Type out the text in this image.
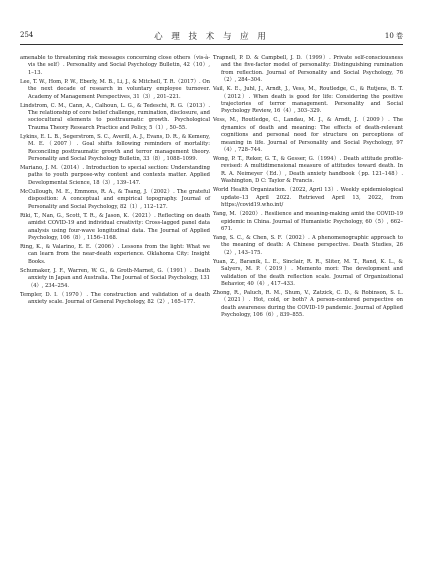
254	心 理 技 术 与 应 用	10 卷

amenable to threatening risk messages concerning close others（vis-à-vis the self）. Personality and Social Psychology Bulletin, 42（10）, 1–13.

Lee, T. W., Hom, P. W., Eberly, M. B., Li, J., & Mitchell, T. R.（2017）. On the next decade of research in voluntary employee turnover. Academy of Management Perspectives, 31（3）, 201–221.

Lindstrom, C. M., Cann, A., Calhoun, L. G., & Tedeschi, R. G.（2013）. The relationship of core belief challenge, rumination, disclosure, and sociocultural elements to posttraumatic growth. Psychological Trauma Theory Research Practice and Policy, 5（1）, 50–55.

Lykins, E. L. B., Segerstrom, S. C., Averill, A. J., Evans, D. R., & Kemeny, M. E.（2007）. Goal shifts following reminders of mortality: Reconciling posttraumatic growth and terror management theory. Personality and Social Psychology Bulletin, 33（8）, 1088–1099.

Mariano, J. M.（2014）. Introduction to special section: Understanding paths to youth purpose-why content and contexts matter. Applied Developmental Science, 18（3）, 139–147.

McCullough, M. E., Emmons, R. A., & Tsang, J.（2002）. The grateful disposition: A conceptual and empirical topography. Journal of Personality and Social Psychology, 82（1）, 112–127.

Riki, T., Nan, G., Scott, T. R., & Jason, K.（2021）. Reflecting on death amidst COVID-19 and individual creativity: Cross-lagged panel data analysis using four-wave longitudinal data. The Journal of Applied Psychology, 106（8）, 1156–1168.

Ring, K., & Valarino, E. E.（2006）. Lessons from the light: What we can learn from the near-death experience. Oklahoma City: Insight Books.

Schumaker, J. F., Warren, W. G., & Groth-Marnet, G.（1991）. Death anxiety in Japan and Australia. The Journal of Social Psychology, 131（4）, 234–254.

Templer, D. I.（1970）. The construction and validation of a death anxiety scale. Journal of General Psychology, 82（2）, 165–177.

Trapnell, P. D. & Campbell, J. D.（1999）. Private self-consciousness and the five-factor model of personality: Distinguishing rumination from reflection. Journal of Personality and Social Psychology, 76（2）, 284–304.

Vail, K. E., Juhl, J., Arndt, J., Vess, M., Routledge, C., & Rutjens, B. T.（2012）. When death is good for life: Considering the positive trajectories of terror management. Personality and Social Psychology Review, 16（4）, 303–329.

Vess, M., Routledge, C., Landau, M. J., & Arndt, J.（2009）. The dynamics of death and meaning: The effects of death-relevant cognitions and personal need for structure on perceptions of meaning in life. Journal of Personality and Social Psychology, 97（4）, 728–744.

Wong, P. T., Reker, G. T., & Gesser, G.（1994）. Death attitude profile-revised: A multidimensional measure of attitudes toward death. In R. A. Neimeyer（Ed.）, Death anxiety handbook（pp. 121–148）. Washington, D C: Taylor & Francis.

World Health Organization.（2022, April 13）. Weekly epidemiological update–13 April 2022. Retrieved April 13, 2022, from https://covid19.who.int/

Yang, M.（2020）. Resilience and meaning-making amid the COVID-19 epidemic in China. Journal of Humanistic Psychology, 60（5）, 662–671.

Yang, S. C., & Chen, S. F.（2002）. A phenomenographic approach to the meaning of death: A Chinese perspective. Death Studies, 26（2）, 143–175.

Yuan, Z., Baranik, L. E., Sinclair, R. R., Sliter, M. T., Rand, K. L., & Salyers, M. P.（2019）. Memento mori: The development and validation of the death reflection scale. Journal of Organizational Behavior, 40（4）, 417–433.

Zhong, R., Paluch, R. M., Shum, V., Zatzick, C. D., & Robinson, S. L.（2021）. Hot, cold, or both? A person-centered perspective on death awareness during the COVID-19 pandemic. Journal of Applied Psychology, 106（6）, 839–855.
